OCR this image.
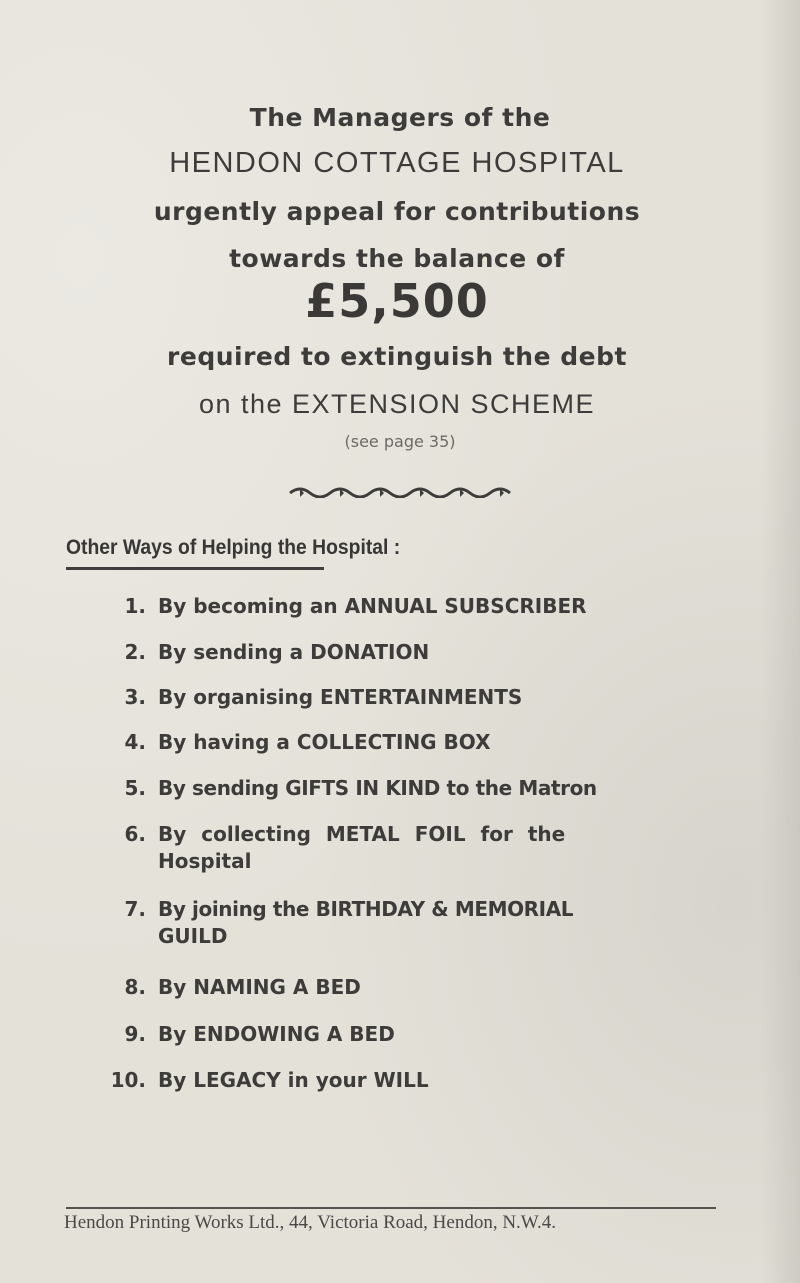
The Managers of the
HENDON COTTAGE HOSPITAL
urgently appeal for contributions
towards the balance of
£5,500
required to extinguish the debt
on the EXTENSION SCHEME
(see page 35)
Other Ways of Helping the Hospital :
1. By becoming an ANNUAL SUBSCRIBER
2. By sending a DONATION
3. By organising ENTERTAINMENTS
4. By having a COLLECTING BOX
5. By sending GIFTS IN KIND to the Matron
6. By collecting METAL FOIL for the
Hospital
7. By joining the BIRTHDAY & MEMORIAL
GUILD
8. By NAMING A BED
9. By ENDOWING A BED
10. By LEGACY in your WILL
Hendon Printing Works Ltd., 44, Victoria Road, Hendon, N.W.4.
